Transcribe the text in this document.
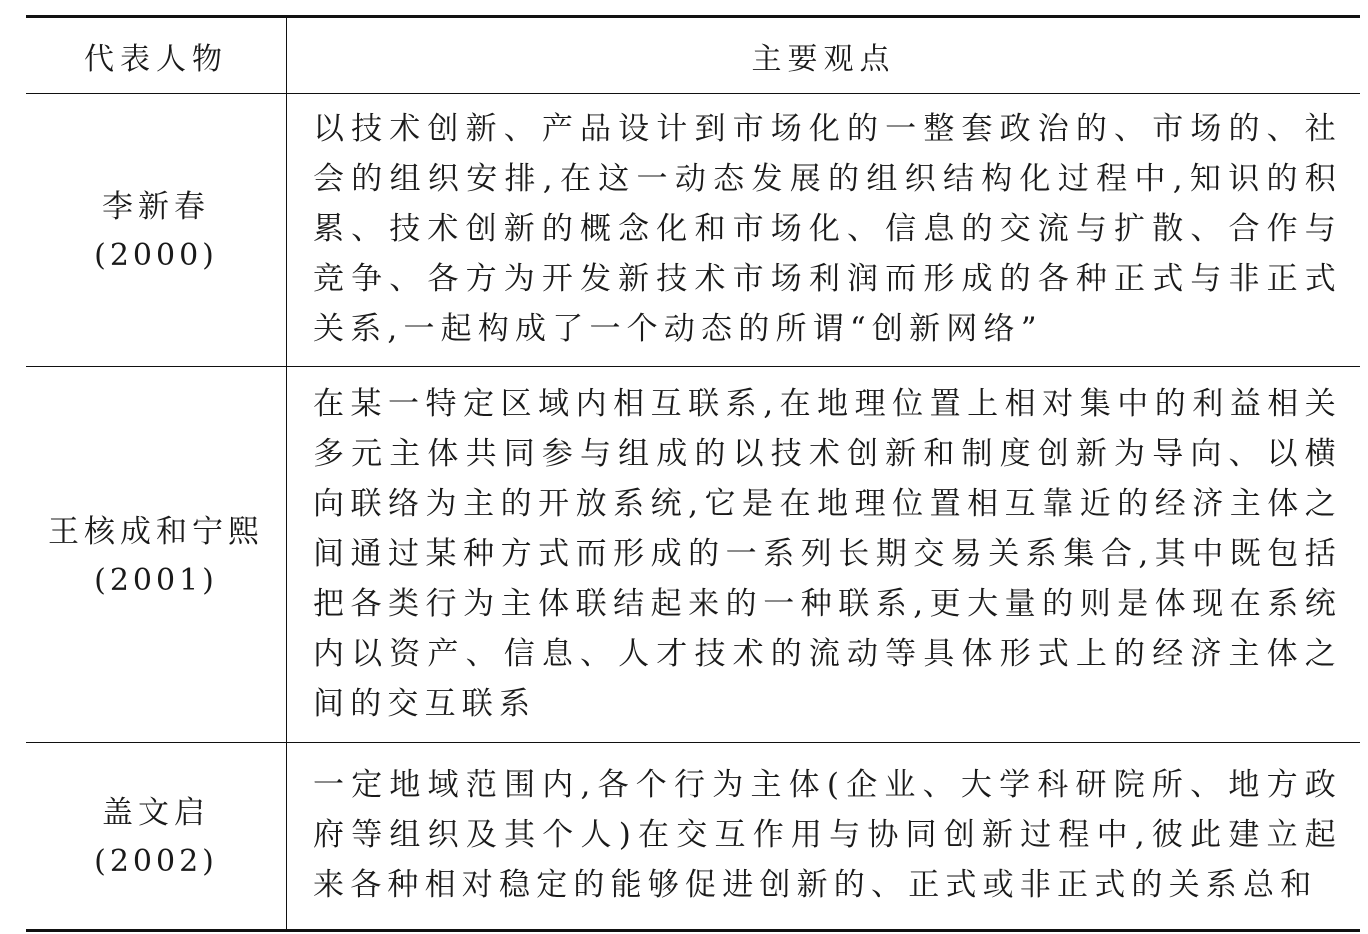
代表人物	主要观点

李新春
(2000)	以技术创新、产品设计到市场化的一整套政治的、市场的、社会的组织安排,在这一动态发展的组织结构化过程中,知识的积累、技术创新的概念化和市场化、信息的交流与扩散、合作与竞争、各方为开发新技术市场利润而形成的各种正式与非正式关系,一起构成了一个动态的所谓“创新网络”

王核成和宁熙
(2001)	在某一特定区域内相互联系,在地理位置上相对集中的利益相关多元主体共同参与组成的以技术创新和制度创新为导向、以横向联络为主的开放系统,它是在地理位置相互靠近的经济主体之间通过某种方式而形成的一系列长期交易关系集合,其中既包括把各类行为主体联结起来的一种联系,更大量的则是体现在系统内以资产、信息、人才技术的流动等具体形式上的经济主体之间的交互联系

盖文启
(2002)	一定地域范围内,各个行为主体(企业、大学科研院所、地方政府等组织及其个人)在交互作用与协同创新过程中,彼此建立起来各种相对稳定的能够促进创新的、正式或非正式的关系总和
